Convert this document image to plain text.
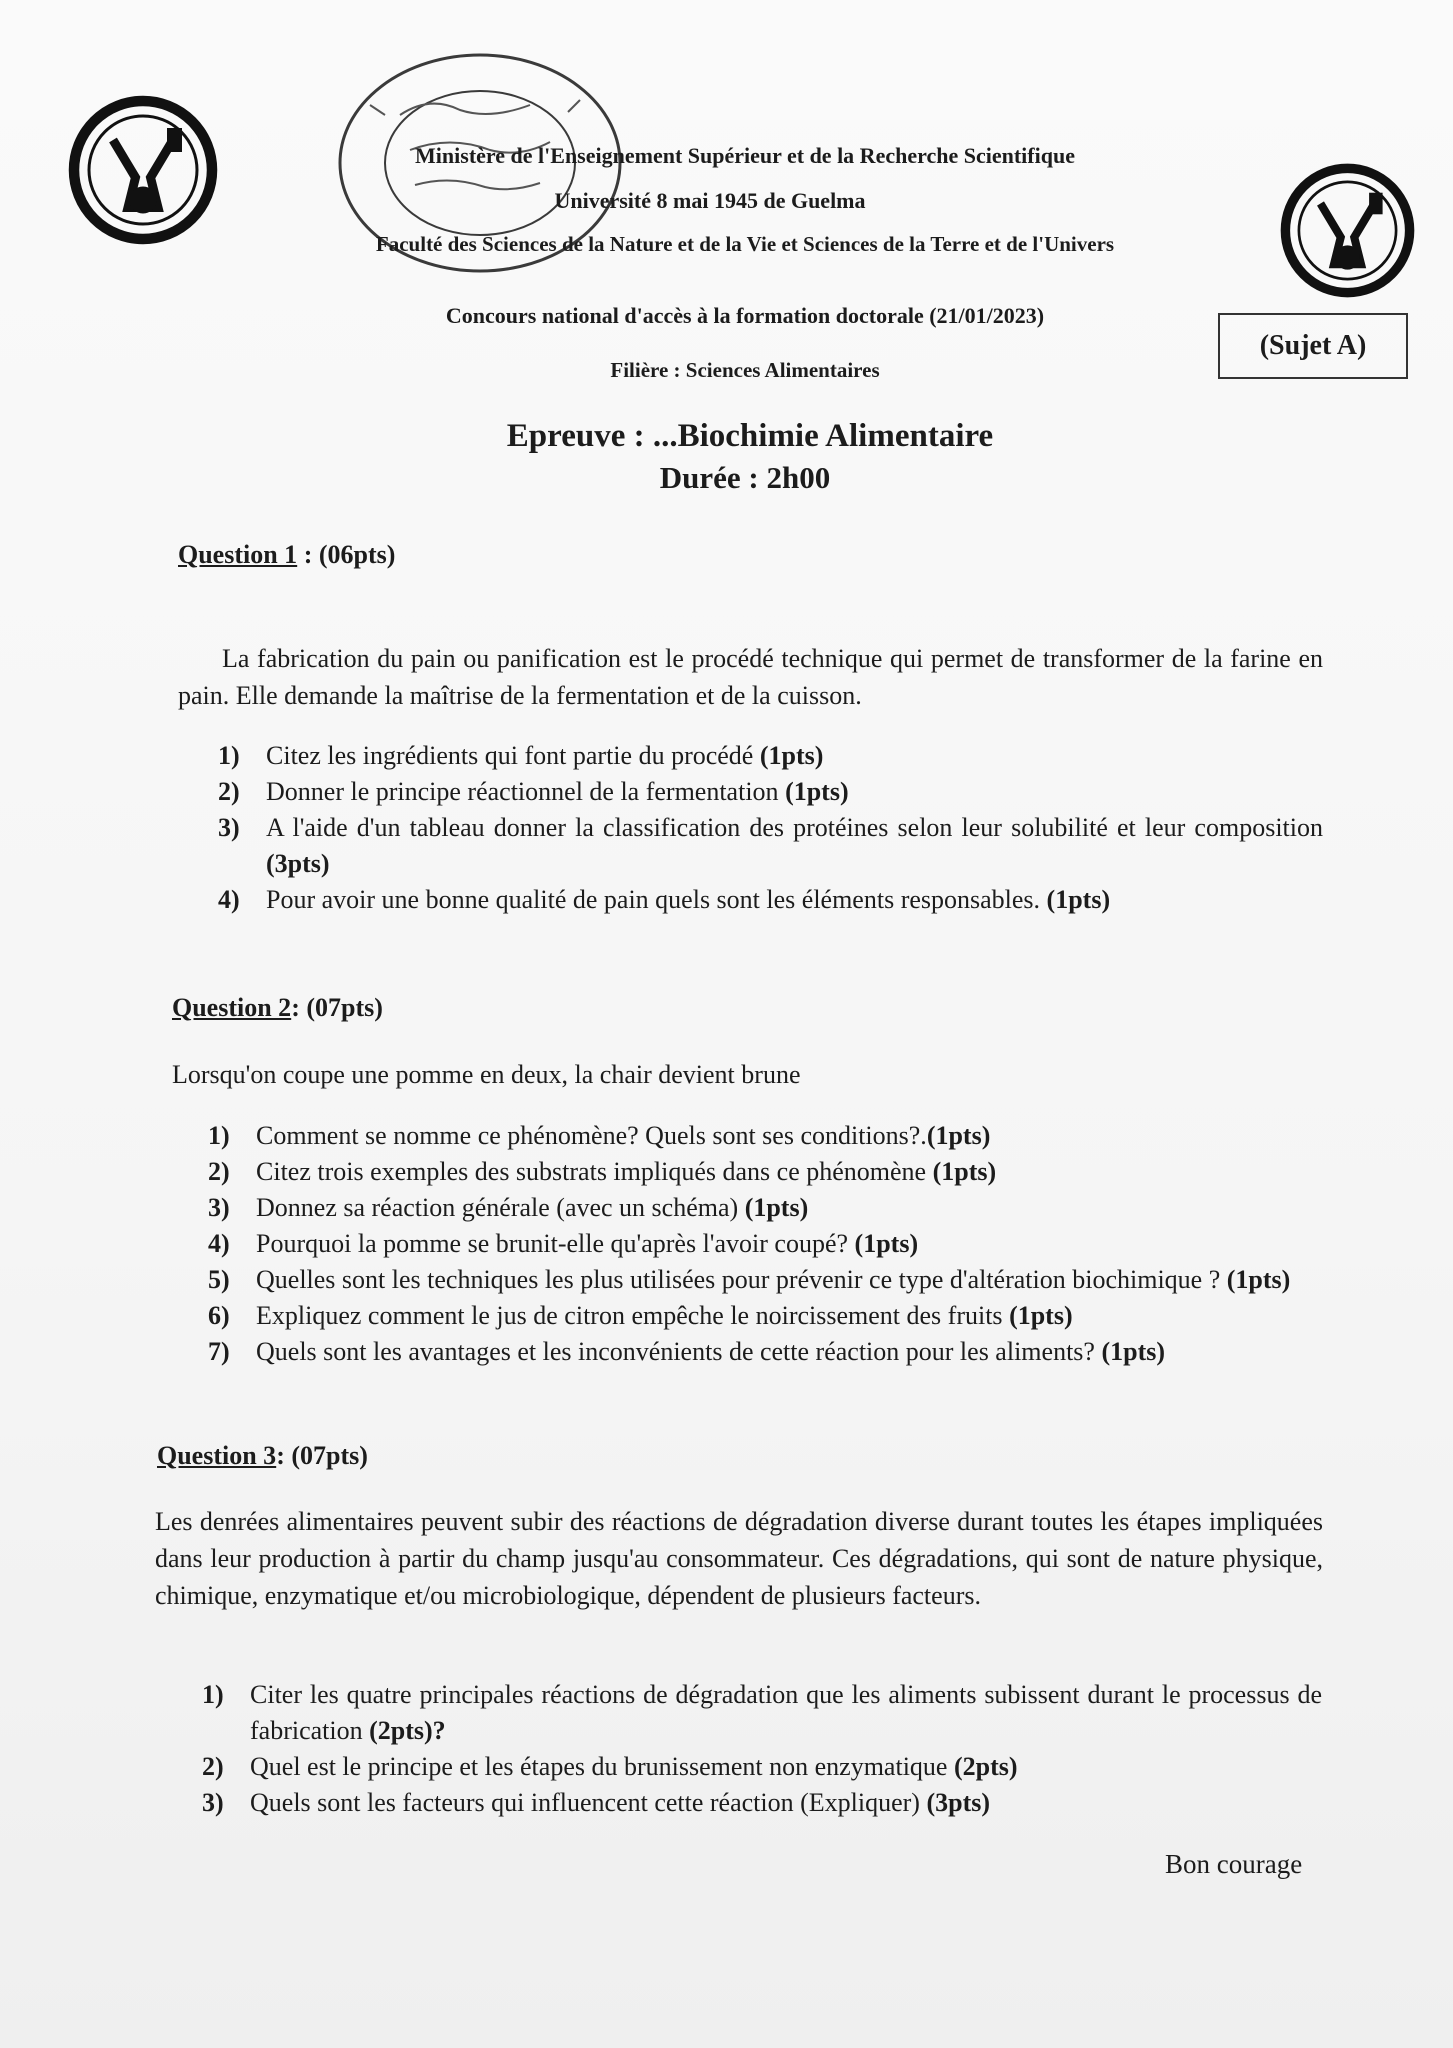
Ministère de l'Enseignement Supérieur et de la Recherche Scientifique
Université 8 mai 1945 de Guelma
Faculté des Sciences de la Nature et de la Vie et Sciences de la Terre et de l'Univers
Concours national d'accès à la formation doctorale (21/01/2023)
(Sujet A)
Filière : Sciences Alimentaires
Epreuve : ...Biochimie Alimentaire
Durée : 2h00
Question 1 : (06pts)

La fabrication du pain ou panification est le procédé technique qui permet de transformer de la farine en pain. Elle demande la maîtrise de la fermentation et de la cuisson.

1) Citez les ingrédients qui font partie du procédé (1pts)
2) Donner le principe réactionnel de la fermentation (1pts)
3) A l'aide d'un tableau donner la classification des protéines selon leur solubilité et leur composition (3pts)
4) Pour avoir une bonne qualité de pain quels sont les éléments responsables. (1pts)
Question 2: (07pts)

Lorsqu'on coupe une pomme en deux, la chair devient brune

1) Comment se nomme ce phénomène? Quels sont ses conditions?.(1pts)
2) Citez trois exemples des substrats impliqués dans ce phénomène (1pts)
3) Donnez sa réaction générale (avec un schéma) (1pts)
4) Pourquoi la pomme se brunit-elle qu'après l'avoir coupé? (1pts)
5) Quelles sont les techniques les plus utilisées pour prévenir ce type d'altération biochimique ? (1pts)
6) Expliquez comment le jus de citron empêche le noircissement des fruits (1pts)
7) Quels sont les avantages et les inconvénients de cette réaction pour les aliments? (1pts)
Question 3: (07pts)

Les denrées alimentaires peuvent subir des réactions de dégradation diverse durant toutes les étapes impliquées dans leur production à partir du champ jusqu'au consommateur. Ces dégradations, qui sont de nature physique, chimique, enzymatique et/ou microbiologique, dépendent de plusieurs facteurs.

1) Citer les quatre principales réactions de dégradation que les aliments subissent durant le processus de fabrication (2pts)?
2) Quel est le principe et les étapes du brunissement non enzymatique (2pts)
3) Quels sont les facteurs qui influencent cette réaction (Expliquer) (3pts)
Bon courage
